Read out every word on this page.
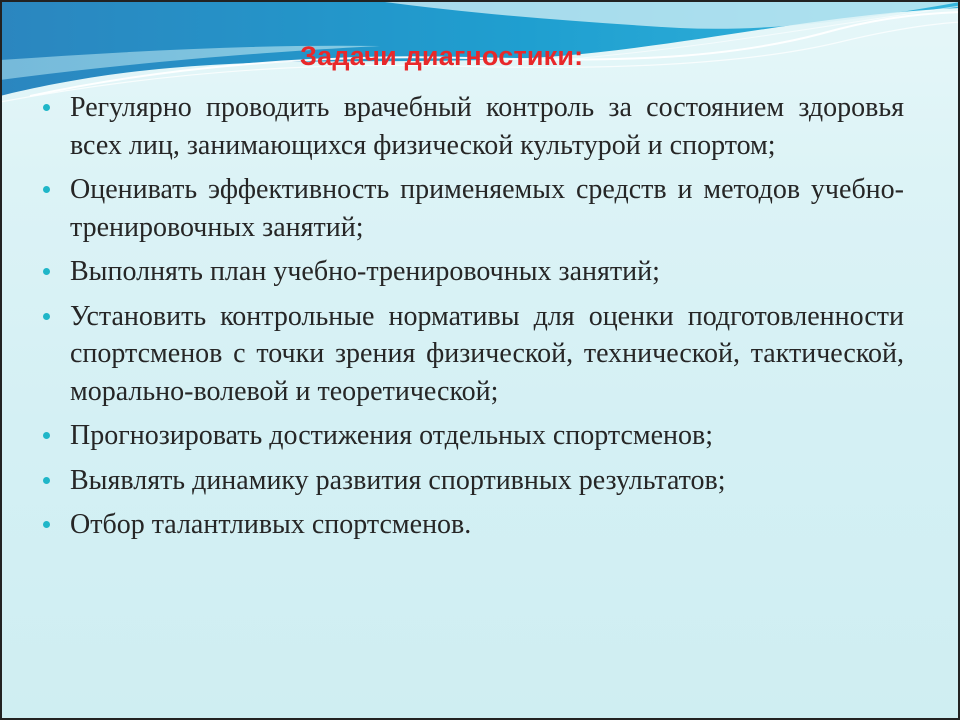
Задачи диагностики:
Регулярно проводить врачебный контроль за состоянием здоровья всех лиц, занимающихся физической культурой и спортом;
Оценивать эффективность применяемых средств и методов учебно-тренировочных занятий;
Выполнять план учебно-тренировочных занятий;
Установить контрольные нормативы для оценки подготовленности спортсменов с точки зрения физической, технической, тактической, морально-волевой и теоретической;
Прогнозировать достижения отдельных спортсменов;
Выявлять динамику развития спортивных результатов;
Отбор талантливых спортсменов.
